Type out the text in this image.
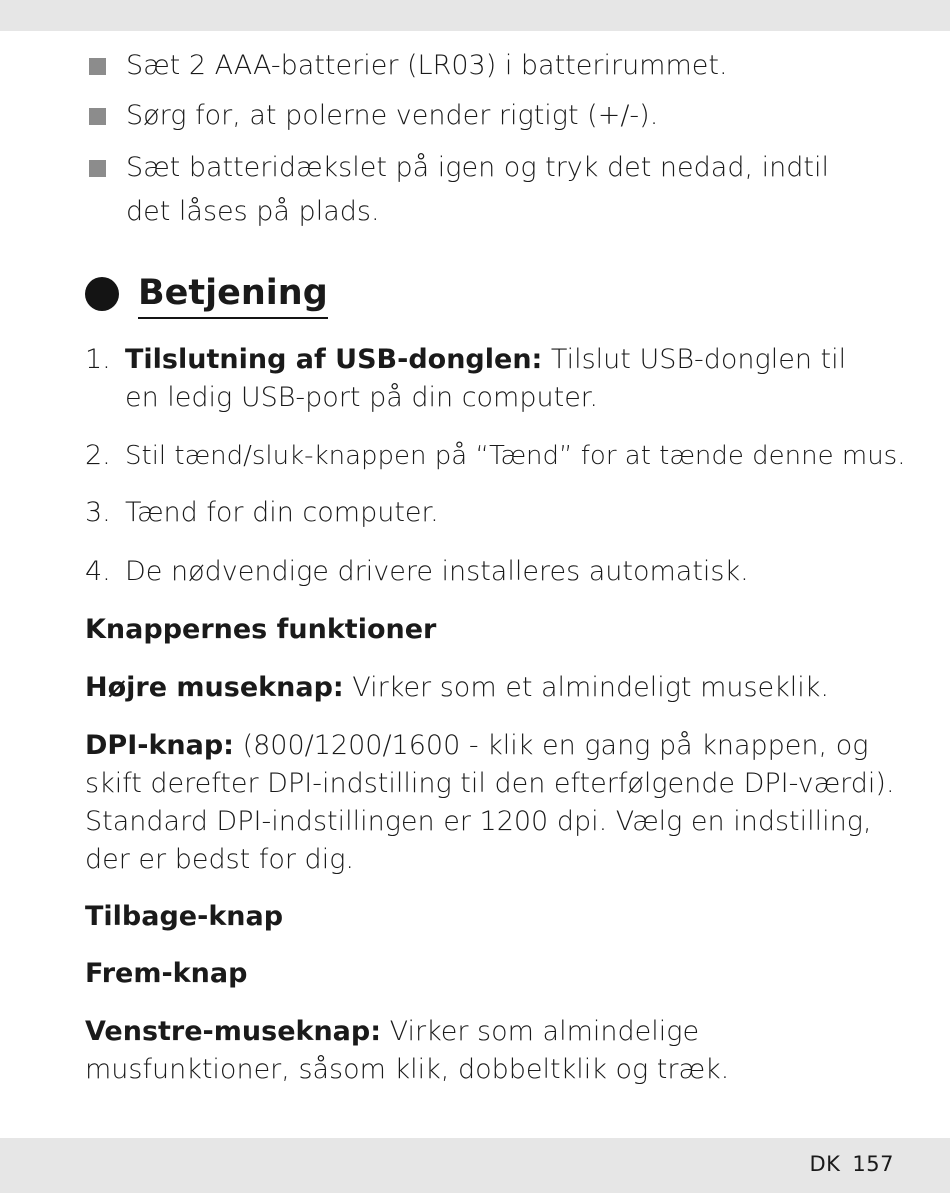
Sæt 2 AAA-batterier (LR03) i batterirummet.
Sørg for, at polerne vender rigtigt (+/-).
Sæt batteridækslet på igen og tryk det nedad, indtil det låses på plads.
Betjening
1. Tilslutning af USB-donglen: Tilslut USB-donglen til en ledig USB-port på din computer.
2. Stil tænd/sluk-knappen på “Tænd” for at tænde denne mus.
3. Tænd for din computer.
4. De nødvendige drivere installeres automatisk.
Knappernes funktioner
Højre museknap: Virker som et almindeligt museklik.
DPI-knap: (800/1200/1600 - klik en gang på knappen, og skift derefter DPI-indstilling til den efterfølgende DPI-værdi). Standard DPI-indstillingen er 1200 dpi. Vælg en indstilling, der er bedst for dig.
Tilbage-knap
Frem-knap
Venstre-museknap: Virker som almindelige musfunktioner, såsom klik, dobbeltklik og træk.
DK 157
